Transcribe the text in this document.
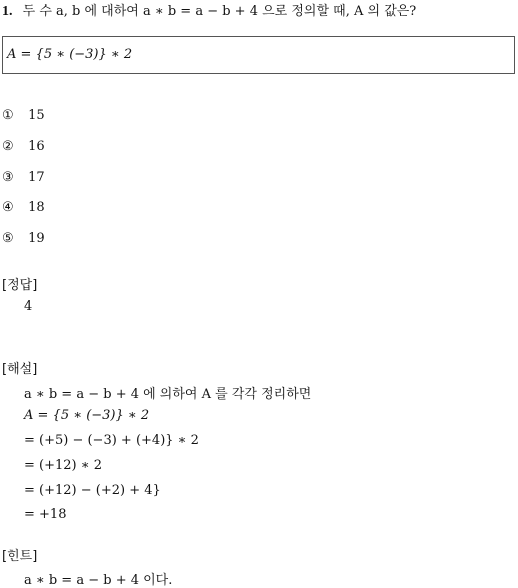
1. 두 수 a, b 에 대하여 a ∗ b = a − b + 4 으로 정의할 때, A 의 값은?
A = {5 ∗ (−3)} ∗ 2
① 15
② 16
③ 17
④ 18
⑤ 19
[정답]
4
[해설]
a ∗ b = a − b + 4 에 의하여 A 를 각각 정리하면
A = {5 ∗ (−3)} ∗ 2
= (+5) − (−3) + (+4)} ∗ 2
= (+12) ∗ 2
= (+12) − (+2) + 4}
= +18
[힌트]
a ∗ b = a − b + 4 이다.
